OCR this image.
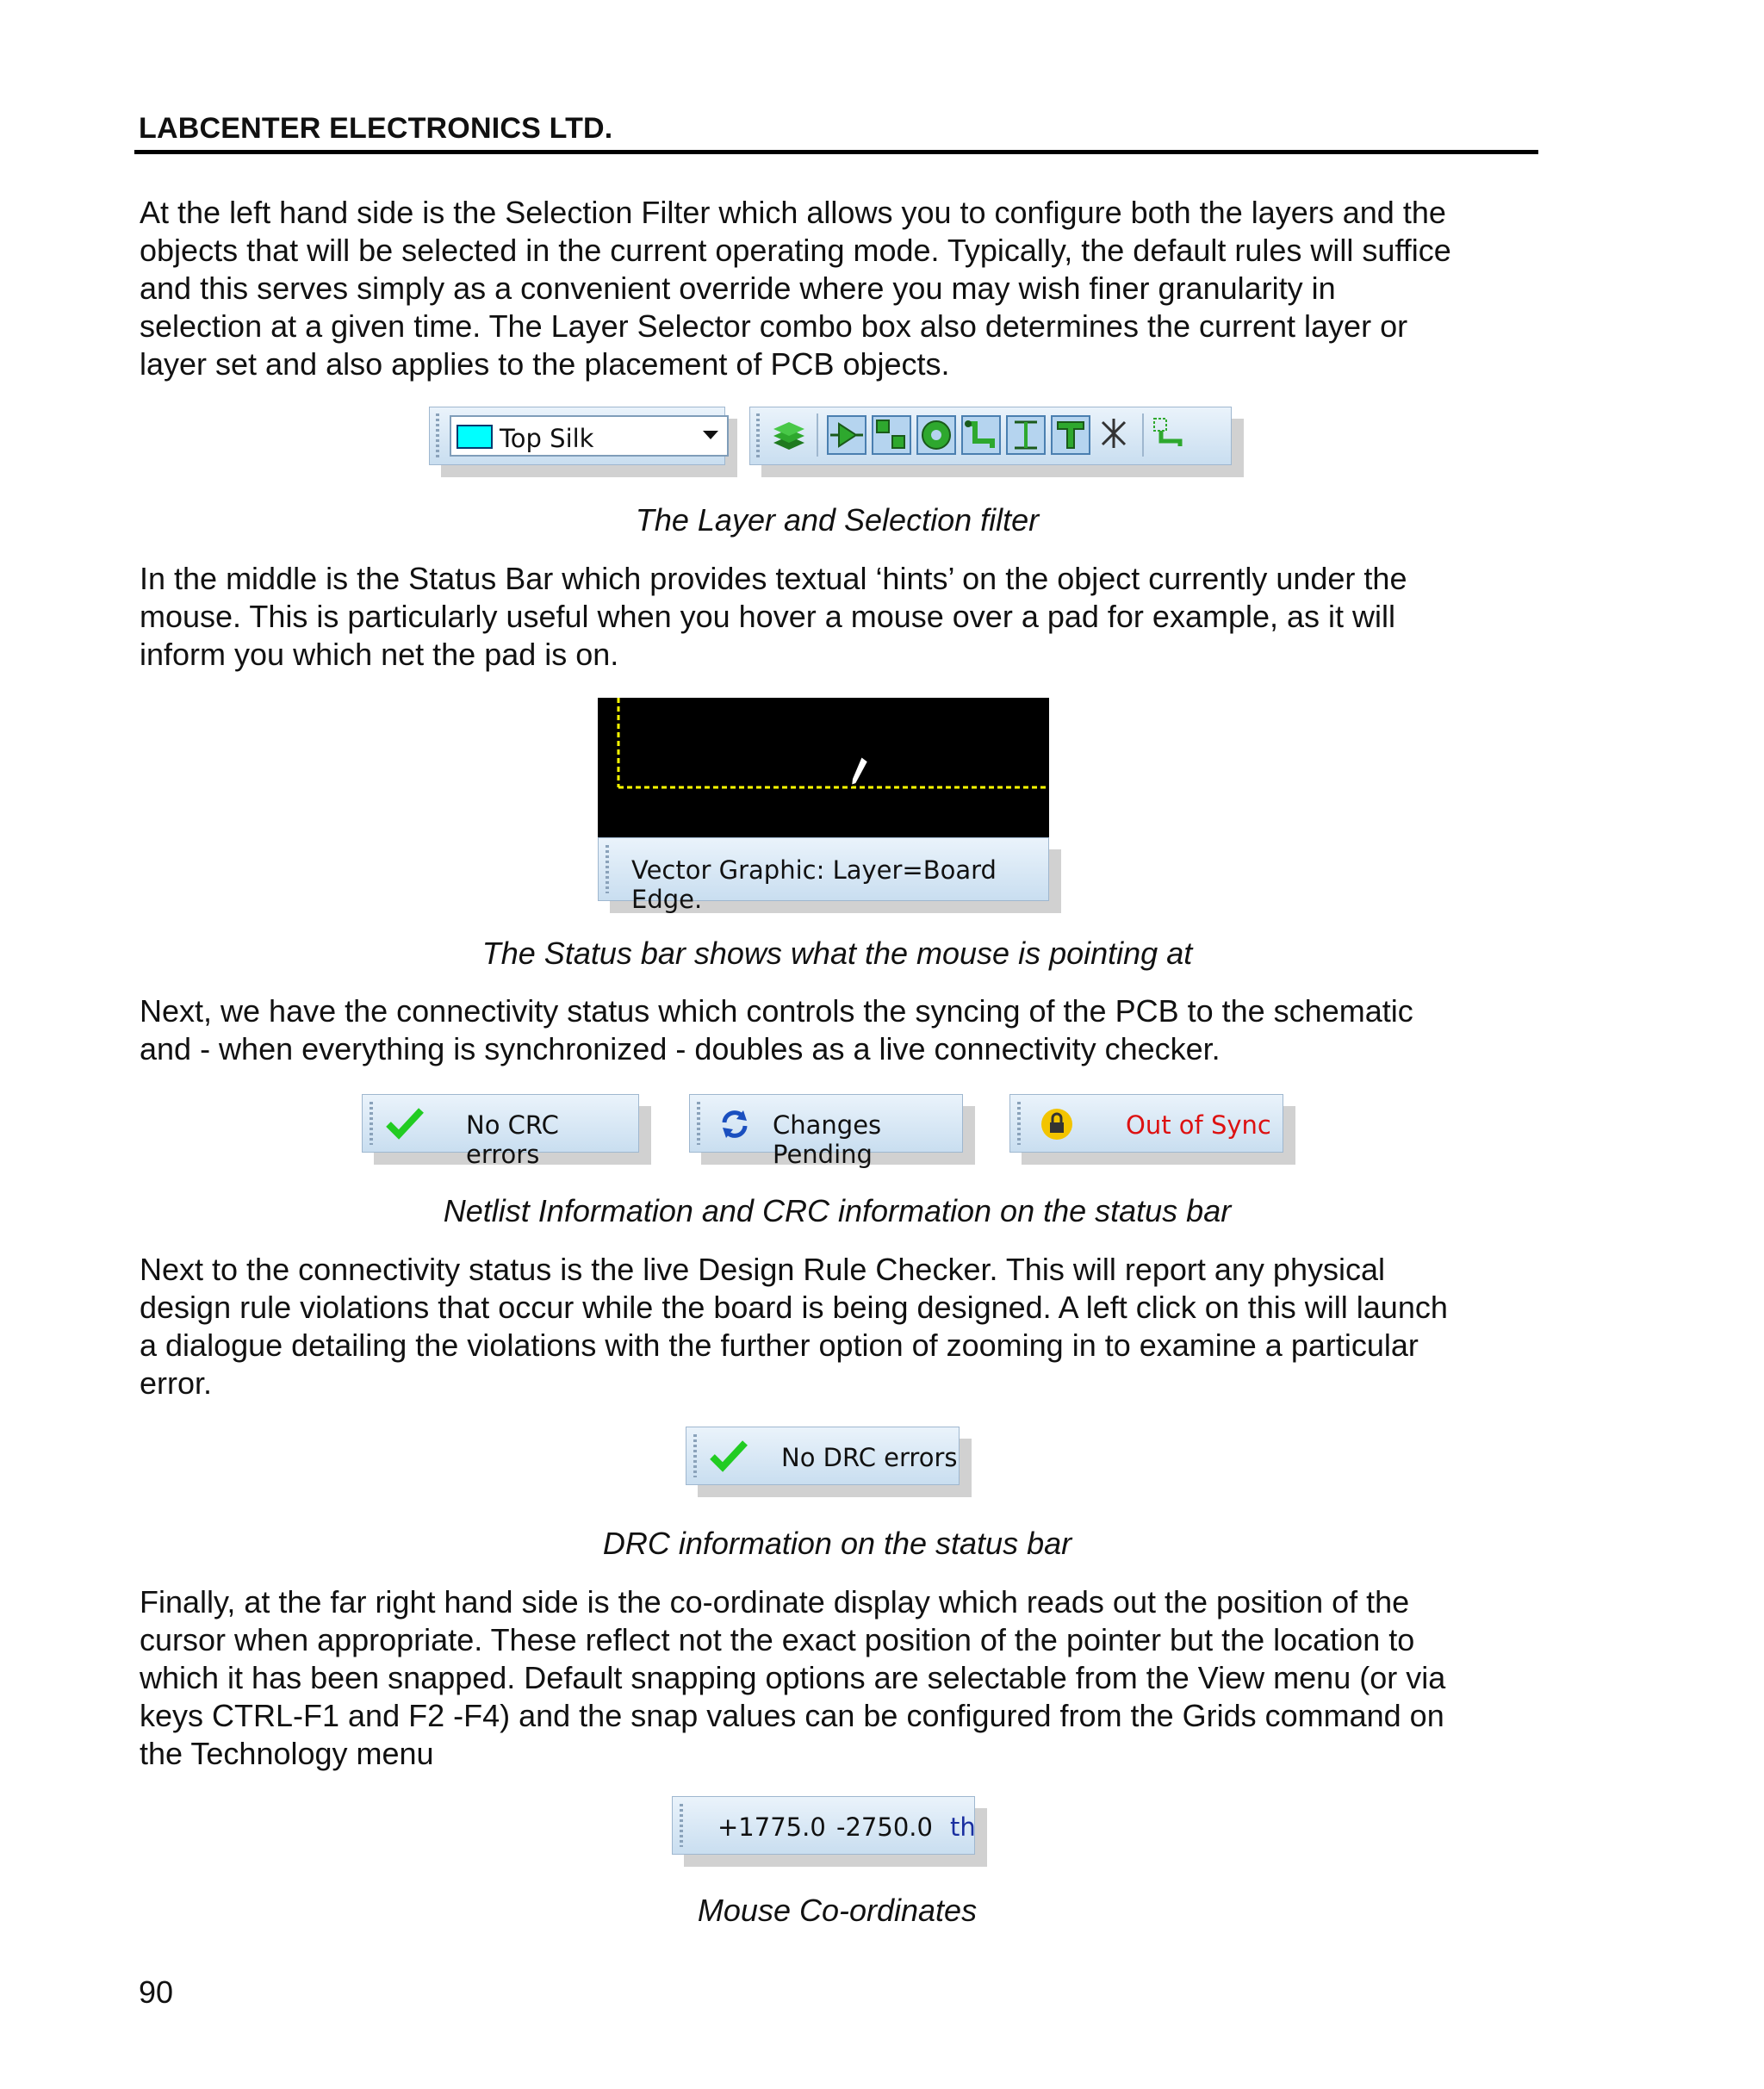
LABCENTER ELECTRONICS LTD.
At the left hand side is the Selection Filter which allows you to configure both the layers and the
objects that will be selected in the current operating mode. Typically, the default rules will suffice
and this serves simply as a convenient override where you may wish finer granularity in
selection at a given time. The Layer Selector combo box also determines the current layer or
layer set and also applies to the placement of PCB objects.
Top Silk
The Layer and Selection filter
In the middle is the Status Bar which provides textual ‘hints’ on the object currently under the
mouse. This is particularly useful when you hover a mouse over a pad for example, as it will
inform you which net the pad is on.
Vector Graphic: Layer=Board Edge.
The Status bar shows what the mouse is pointing at
Next, we have the connectivity status which controls the syncing of the PCB to the schematic
and - when everything is synchronized - doubles as a live connectivity checker.
No CRC errors
Changes Pending
Out of Sync
Netlist Information and CRC information on the status bar
Next to the connectivity status is the live Design Rule Checker. This will report any physical
design rule violations that occur while the board is being designed. A left click on this will launch
a dialogue detailing the violations with the further option of zooming in to examine a particular
error.
No DRC errors
DRC information on the status bar
Finally, at the far right hand side is the co-ordinate display which reads out the position of the
cursor when appropriate. These reflect not the exact position of the pointer but the location to
which it has been snapped. Default snapping options are selectable from the View menu (or via
keys CTRL-F1 and F2 -F4) and the snap values can be configured from the Grids command on
the Technology menu
+1775.0 -2750.0 th
Mouse Co-ordinates
90
